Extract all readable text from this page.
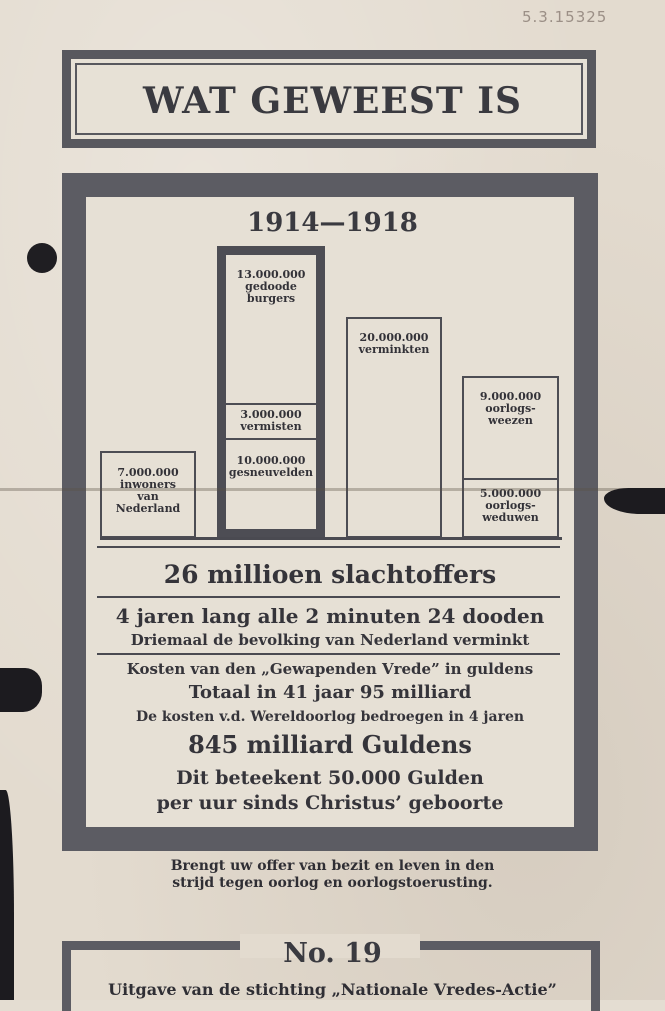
5.3.15325
WAT GEWEEST IS
1914—1918
7.000.000
inwoners
van
Nederland
13.000.000
gedoode
burgers
3.000.000
vermisten
10.000.000
gesneuvelden
20.000.000
verminkten
9.000.000
oorlogs-
weezen
5.000.000
oorlogs-
weduwen
26 millioen slachtoffers
4 jaren lang alle 2 minuten 24 dooden
Driemaal de bevolking van Nederland verminkt
Kosten van den „Gewapenden Vrede” in guldens
Totaal in 41 jaar 95 milliard
De kosten v.d. Wereldoorlog bedroegen in 4 jaren
845 milliard Guldens
Dit beteekent 50.000 Gulden
per uur sinds Christus’ geboorte
Brengt uw offer van bezit en leven in den
strijd tegen oorlog en oorlogstoerusting.
No. 19
Uitgave van de stichting „Nationale Vredes-Actie”
